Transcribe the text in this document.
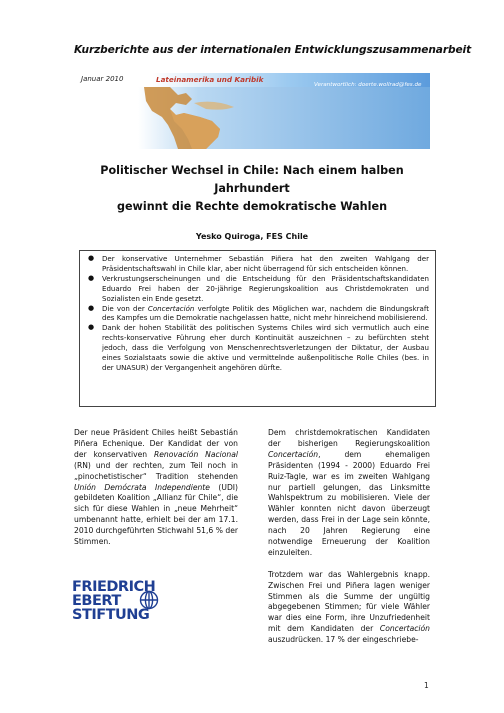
Kurzberichte aus der internationalen Entwicklungszusammenarbeit
Januar 2010	Lateinamerika und Karibik
Verantwortlich: doerte.wollrad@fes.de
Politischer Wechsel in Chile: Nach einem halben Jahrhundert
gewinnt die Rechte demokratische Wahlen
Yesko Quiroga, FES Chile
● Der konservative Unternehmer Sebastián Piñera hat den zweiten Wahlgang der Präsidentschaftswahl in Chile klar, aber nicht überragend für sich entscheiden können.
● Verkrustungserscheinungen und die Entscheidung für den Präsidentschaftskandidaten Eduardo Frei haben der 20-jährige Regierungskoalition aus Christdemokraten und Sozialisten ein Ende gesetzt.
● Die von der Concertación verfolgte Politik des Möglichen war, nachdem die Bindungskraft des Kampfes um die Demokratie nachgelassen hatte, nicht mehr hinreichend mobilisierend.
● Dank der hohen Stabilität des politischen Systems Chiles wird sich vermutlich auch eine rechts-konservative Führung eher durch Kontinuität auszeichnen – zu befürchten steht jedoch, dass die Verfolgung von Menschenrechtsverletzungen der Diktatur, der Ausbau eines Sozialstaats sowie die aktive und vermittelnde außenpolitische Rolle Chiles (bes. in der UNASUR) der Vergangenheit angehören dürfte.

Der neue Präsident Chiles heißt Sebastián Piñera Echenique. Der Kandidat der von der konservativen Renovación Nacional (RN) und der rechten, zum Teil noch in „pinochetistischer“ Tradition stehenden Unión Demócrata Independiente (UDI) gebildeten Koalition „Allianz für Chile“, die sich für diese Wahlen in „neue Mehrheit“ umbenannt hatte, erhielt bei der am 17.1. 2010 durchgeführten Stichwahl 51,6 % der Stimmen.

Dem christdemokratischen Kandidaten der bisherigen Regierungskoalition Concertación, dem ehemaligen Präsidenten (1994 - 2000) Eduardo Frei Ruiz-Tagle, war es im zweiten Wahlgang nur partiell gelungen, das Linksmitte Wahlspektrum zu mobilisieren. Viele der Wähler konnten nicht davon überzeugt werden, dass Frei in der Lage sein könnte, nach 20 Jahren Regierung eine notwendige Erneuerung der Koalition einzuleiten.

Trotzdem war das Wahlergebnis knapp. Zwischen Frei und Piñera lagen weniger Stimmen als die Summe der ungültig abgegebenen Stimmen; für viele Wähler war dies eine Form, ihre Unzufriedenheit mit dem Kandidaten der Concertación auszudrücken. 17 % der eingeschriebe-

FRIEDRICH
EBERT
STIFTUNG
1
